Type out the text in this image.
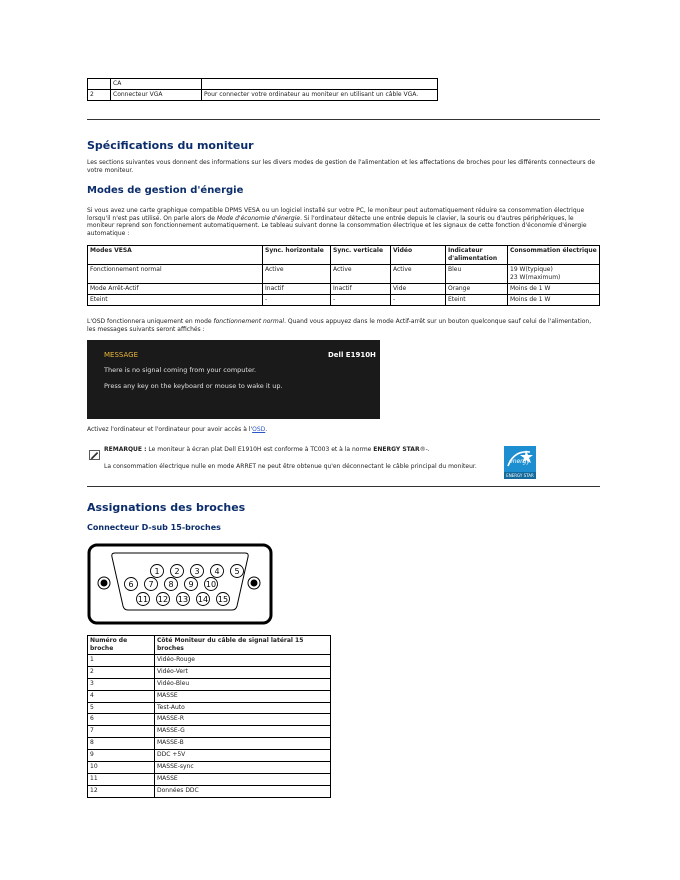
	CA	
2	Connecteur VGA	Pour connecter votre ordinateur au moniteur en utilisant un câble VGA.
Spécifications du moniteur
Les sections suivantes vous donnent des informations sur les divers modes de gestion de l'alimentation et les affectations de broches pour les différents connecteurs de votre moniteur.
Modes de gestion d'énergie
Si vous avez une carte graphique compatible DPMS VESA ou un logiciel installé sur votre PC, le moniteur peut automatiquement réduire sa consommation électrique lorsqu'il n'est pas utilisé. On parle alors de Mode d'économie d'énergie. Si l'ordinateur détecte une entrée depuis le clavier, la souris ou d'autres périphériques, le moniteur reprend son fonctionnement automatiquement. Le tableau suivant donne la consommation électrique et les signaux de cette fonction d'économie d'énergie automatique :
Modes VESA	Sync. horizontale	Sync. verticale	Vidéo	Indicateur d'alimentation	Consommation électrique
Fonctionnement normal	Active	Active	Active	Bleu	19 W(typique)
23 W(maximum)

Mode Arrêt-Actif	Inactif	Inactif	Vide	Orange	Moins de 1 W
Eteint	-	-	-	Eteint	Moins de 1 W
L'OSD fonctionnera uniquement en mode fonctionnement normal. Quand vous appuyez dans le mode Actif-arrêt sur un bouton quelconque sauf celui de l'alimentation, les messages suivants seront affichés :
MESSAGE	Dell E1910H
There is no signal coming from your computer.
Press any key on the keyboard or mouse to wake it up.
Activez l'ordinateur et l'ordinateur pour avoir accès à l'OSD.
REMARQUE : Le moniteur à écran plat Dell E1910H est conforme à TC003 et à la norme ENERGY STAR®-.
La consommation électrique nulle en mode ARRET ne peut être obtenue qu'en déconnectant le câble principal du moniteur.
energy
ENERGY STAR
Assignations des broches
Connecteur D-sub 15-broches
1 2 3 4 5
6 7 8 9 10
11 12 13 14 15
Numéro de broche	Côté Moniteur du câble de signal latéral 15 broches
1	Vidéo-Rouge
2	Vidéo-Vert
3	Vidéo-Bleu
4	MASSE
5	Test-Auto
6	MASSE-R
7	MASSE-G
8	MASSE-B
9	DDC +5V
10	MASSE-sync
11	MASSE
12	Données DDC
